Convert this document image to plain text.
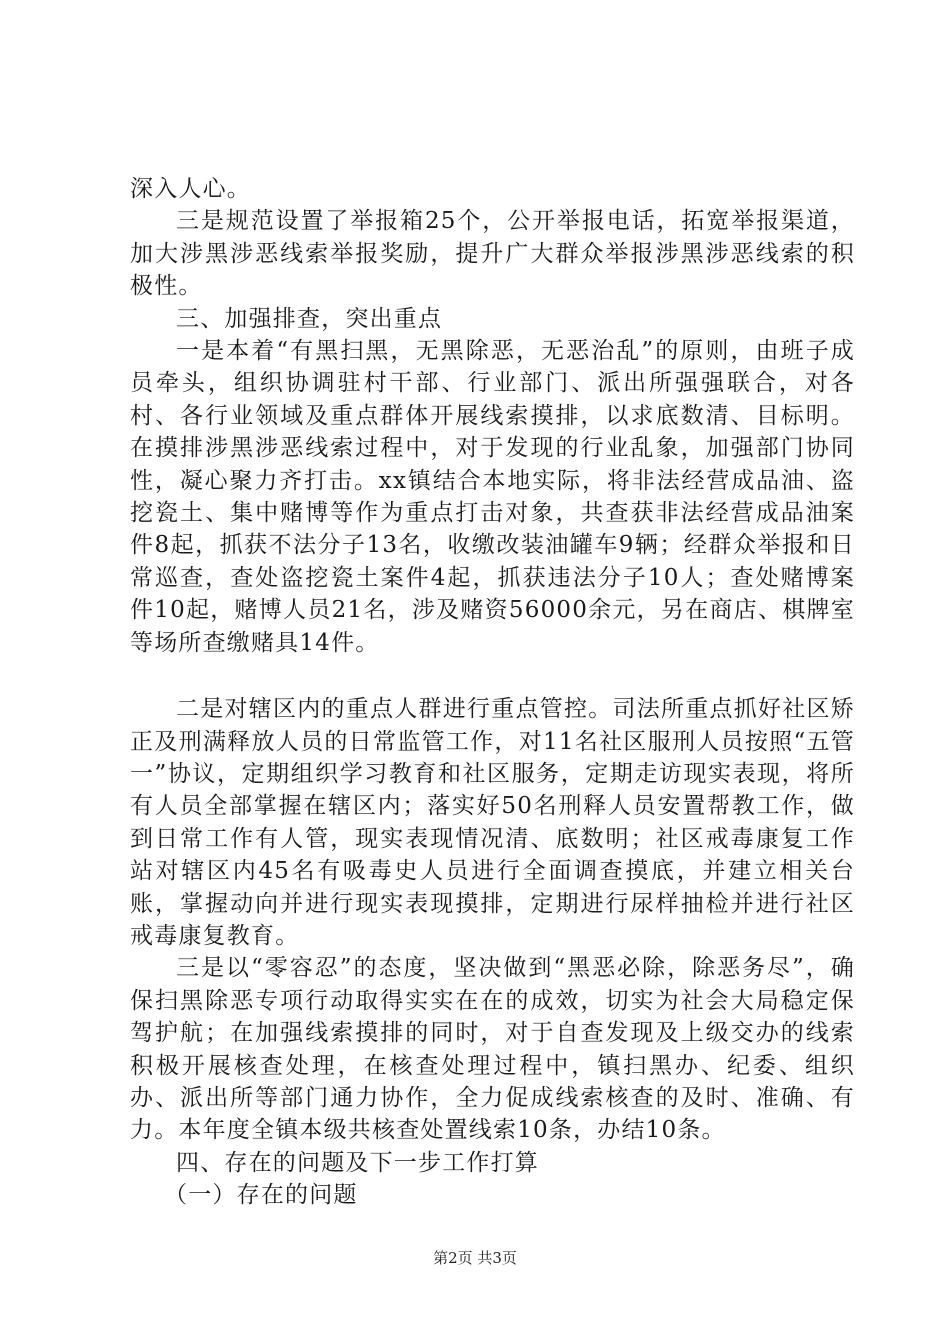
深入人心。

三是规范设置了举报箱25个，公开举报电话，拓宽举报渠道，加大涉黑涉恶线索举报奖励，提升广大群众举报涉黑涉恶线索的积极性。

三、加强排查，突出重点

一是本着“有黑扫黑，无黑除恶，无恶治乱”的原则，由班子成员牵头，组织协调驻村干部、行业部门、派出所强强联合，对各村、各行业领域及重点群体开展线索摸排，以求底数清、目标明。在摸排涉黑涉恶线索过程中，对于发现的行业乱象，加强部门协同性，凝心聚力齐打击。xx镇结合本地实际，将非法经营成品油、盗挖瓷土、集中赌博等作为重点打击对象，共查获非法经营成品油案件8起，抓获不法分子13名，收缴改装油罐车9辆；经群众举报和日常巡查，查处盗挖瓷土案件4起，抓获违法分子10人；查处赌博案件10起，赌博人员21名，涉及赌资56000余元，另在商店、棋牌室等场所查缴赌具14件。

二是对辖区内的重点人群进行重点管控。司法所重点抓好社区矫正及刑满释放人员的日常监管工作，对11名社区服刑人员按照“五管一”协议，定期组织学习教育和社区服务，定期走访现实表现，将所有人员全部掌握在辖区内；落实好50名刑释人员安置帮教工作，做到日常工作有人管，现实表现情况清、底数明；社区戒毒康复工作站对辖区内45名有吸毒史人员进行全面调查摸底，并建立相关台账，掌握动向并进行现实表现摸排，定期进行尿样抽检并进行社区戒毒康复教育。

三是以“零容忍”的态度，坚决做到“黑恶必除，除恶务尽”，确保扫黑除恶专项行动取得实实在在的成效，切实为社会大局稳定保驾护航；在加强线索摸排的同时，对于自查发现及上级交办的线索积极开展核查处理，在核查处理过程中，镇扫黑办、纪委、组织办、派出所等部门通力协作，全力促成线索核查的及时、准确、有力。本年度全镇本级共核查处置线索10条，办结10条。

四、存在的问题及下一步工作打算

（一）存在的问题

第2页 共3页
